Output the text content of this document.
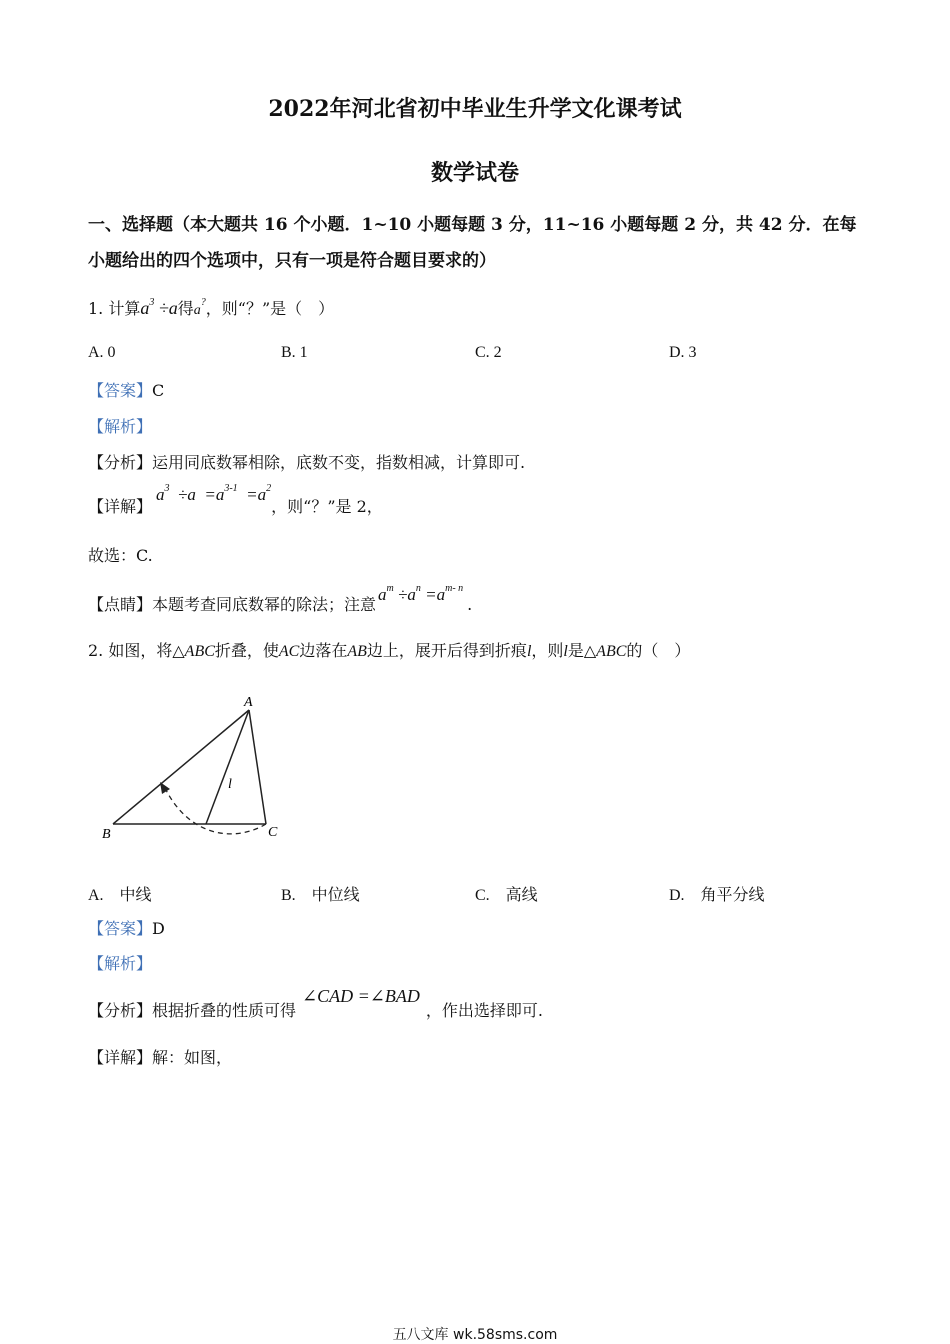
2022年河北省初中毕业生升学文化课考试
数学试卷
一、选择题（本大题共 16 个小题．1~10 小题每题 3 分，11~16 小题每题 2 分，共 42 分．在每
小题给出的四个选项中，只有一项是符合题目要求的）
1. 计算$a^3 \div a$得a?，则“？”是（　）
A. 0	B. 1	C. 2	D. 3
【答案】C
【解析】
【分析】运用同底数幂相除，底数不变，指数相减，计算即可.
【详解】$a^3 \div a =a^{3-1} =a^2$，则“？”是 2，
故选：C.
【点睛】本题考查同底数幂的除法；注意$a^m \div a^n =a^{m- n}$.
2. 如图，将△ABC折叠，使AC边落在AB边上，展开后得到折痕l，则l是△ABC的（　）
A
B	C
l
A.　中线	B.　中位线	C.　高线	D.　角平分线
【答案】D
【解析】
【分析】根据折叠的性质可得∠CAD =∠BAD，作出选择即可.
【详解】解：如图，
五八文库 wk.58sms.com
